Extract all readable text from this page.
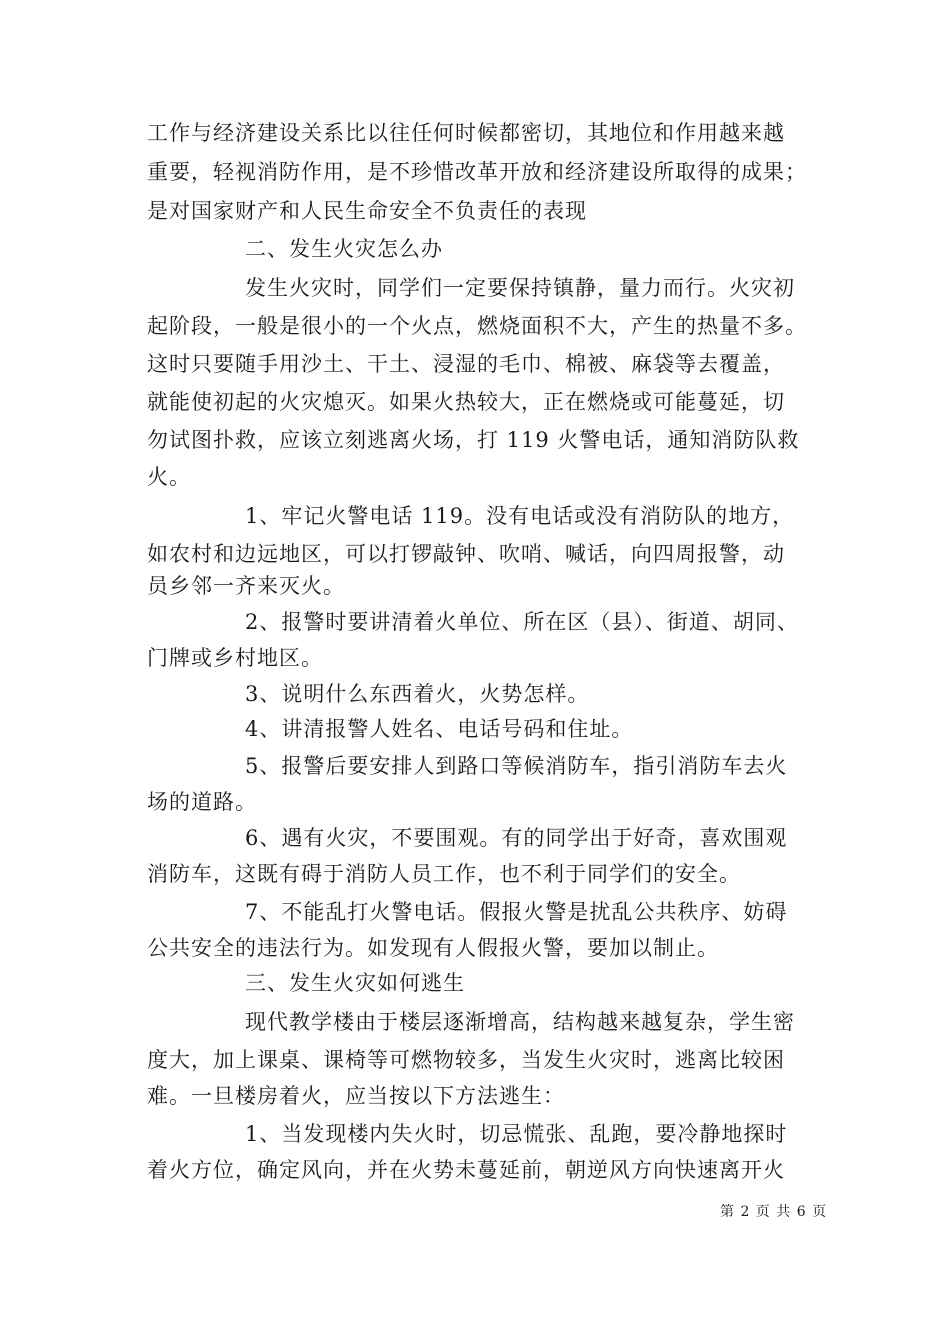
工作与经济建设关系比以往任何时候都密切，其地位和作用越来越
重要，轻视消防作用，是不珍惜改革开放和经济建设所取得的成果；
是对国家财产和人民生命安全不负责任的表现
二、发生火灾怎么办
发生火灾时，同学们一定要保持镇静，量力而行。火灾初
起阶段，一般是很小的一个火点，燃烧面积不大，产生的热量不多。
这时只要随手用沙土、干土、浸湿的毛巾、棉被、麻袋等去覆盖，
就能使初起的火灾熄灭。如果火热较大，正在燃烧或可能蔓延，切
勿试图扑救，应该立刻逃离火场，打 119 火警电话，通知消防队救
火。
1、牢记火警电话 119。没有电话或没有消防队的地方，
如农村和边远地区，可以打锣敲钟、吹哨、喊话，向四周报警，动
员乡邻一齐来灭火。
2、报警时要讲清着火单位、所在区（县）、街道、胡同、
门牌或乡村地区。
3、说明什么东西着火，火势怎样。
4、讲清报警人姓名、电话号码和住址。
5、报警后要安排人到路口等候消防车，指引消防车去火
场的道路。
6、遇有火灾，不要围观。有的同学出于好奇，喜欢围观
消防车，这既有碍于消防人员工作，也不利于同学们的安全。
7、不能乱打火警电话。假报火警是扰乱公共秩序、妨碍
公共安全的违法行为。如发现有人假报火警，要加以制止。
三、发生火灾如何逃生
现代教学楼由于楼层逐渐增高，结构越来越复杂，学生密
度大，加上课桌、课椅等可燃物较多，当发生火灾时，逃离比较困
难。一旦楼房着火，应当按以下方法逃生：
1、当发现楼内失火时，切忌慌张、乱跑，要冷静地探时
着火方位，确定风向，并在火势未蔓延前，朝逆风方向快速离开火
第 2 页 共 6 页
